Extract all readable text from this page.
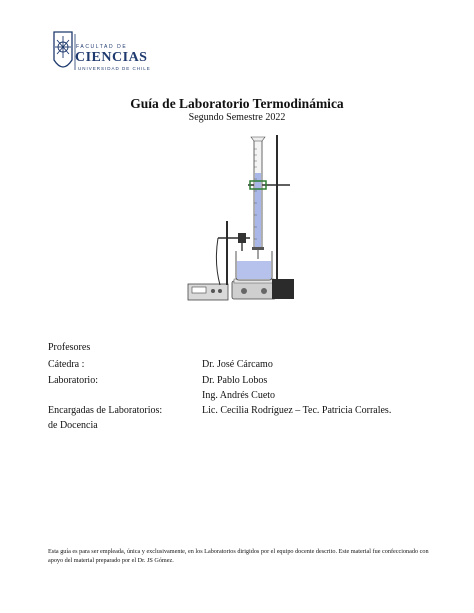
FACULTAD DE
CIENCIAS
UNIVERSIDAD DE CHILE
Guía de Laboratorio Termodinámica
Segundo Semestre 2022
Profesores
Cátedra :	Dr. José Cárcamo
Laboratorio:	Dr. Pablo Lobos
Ing. Andrés Cueto
Encargadas de Laboratorios:	Lic. Cecilia Rodríguez – Tec. Patricia Corrales.
de Docencia
Esta guía es para ser empleada, única y exclusivamente, en los Laboratorios dirigidos por el equipo docente descrito. Este material fue confeccionado con apoyo del material preparado por el Dr. JS Gómez.
